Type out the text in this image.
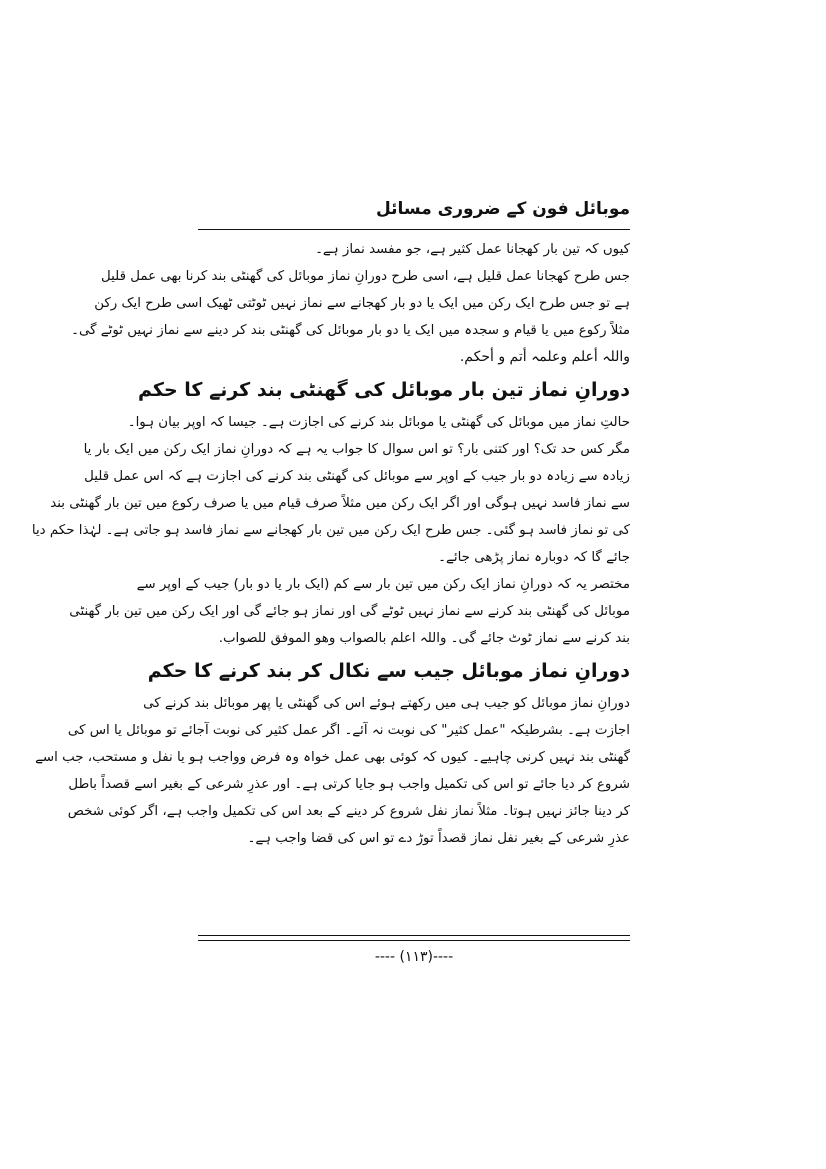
موبائل فون کے ضروری مسائل
کیوں کہ تین بار کھجانا عمل کثیر ہے، جو مفسد نماز ہے۔
جس طرح کھجانا عمل قلیل ہے، اسی طرح دورانِ نماز موبائل کی گھنٹی بند کرنا بھی عمل قلیل
ہے تو جس طرح ایک رکن میں ایک یا دو بار کھجانے سے نماز نہیں ٹوٹتی ٹھیک اسی طرح ایک رکن
مثلاً رکوع میں یا قیام و سجدہ میں ایک یا دو بار موبائل کی گھنٹی بند کر دینے سے نماز نہیں ٹوٹے گی۔
واللہ أعلم وعلمہ أتم و أحکم.
دورانِ نماز تین بار موبائل کی گھنٹی بند کرنے کا حکم
حالتِ نماز میں موبائل کی گھنٹی یا موبائل بند کرنے کی اجازت ہے۔ جیسا کہ اوپر بیان ہوا۔
مگر کس حد تک؟ اور کتنی بار؟ تو اس سوال کا جواب یہ ہے کہ دورانِ نماز ایک رکن میں ایک بار یا
زیادہ سے زیادہ دو بار جیب کے اوپر سے موبائل کی گھنٹی بند کرنے کی اجازت ہے کہ اس عمل قلیل
سے نماز فاسد نہیں ہوگی اور اگر ایک رکن میں مثلاً صرف قیام میں یا صرف رکوع میں تین بار گھنٹی بند
کی تو نماز فاسد ہو گئی۔ جس طرح ایک رکن میں تین بار کھجانے سے نماز فاسد ہو جاتی ہے۔ لہٰذا حکم دیا
جائے گا کہ دوبارہ نماز پڑھی جائے۔
مختصر یہ کہ دورانِ نماز ایک رکن میں تین بار سے کم (ایک بار یا دو بار) جیب کے اوپر سے
موبائل کی گھنٹی بند کرنے سے نماز نہیں ٹوٹے گی اور نماز ہو جائے گی اور ایک رکن میں تین بار گھنٹی
بند کرنے سے نماز ٹوٹ جائے گی۔ واللہ اعلم بالصواب وھو الموفق للصواب.
دورانِ نماز موبائل جیب سے نکال کر بند کرنے کا حکم
دورانِ نماز موبائل کو جیب ہی میں رکھتے ہوئے اس کی گھنٹی یا پھر موبائل بند کرنے کی
اجازت ہے۔ بشرطیکہ "عمل کثیر" کی نوبت نہ آئے۔ اگر عمل کثیر کی نوبت آجائے تو موبائل یا اس کی
گھنٹی بند نہیں کرنی چاہیے۔ کیوں کہ کوئی بھی عمل خواہ وہ فرض وواجب ہو یا نفل و مستحب، جب اسے
شروع کر دیا جائے تو اس کی تکمیل واجب ہو جایا کرتی ہے۔ اور عذرِ شرعی کے بغیر اسے قصداً باطل
کر دینا جائز نہیں ہوتا۔ مثلاً نماز نفل شروع کر دینے کے بعد اس کی تکمیل واجب ہے، اگر کوئی شخص
عذرِ شرعی کے بغیر نفل نماز قصداً توڑ دے تو اس کی قضا واجب ہے۔
---- (۱۱۳)----
